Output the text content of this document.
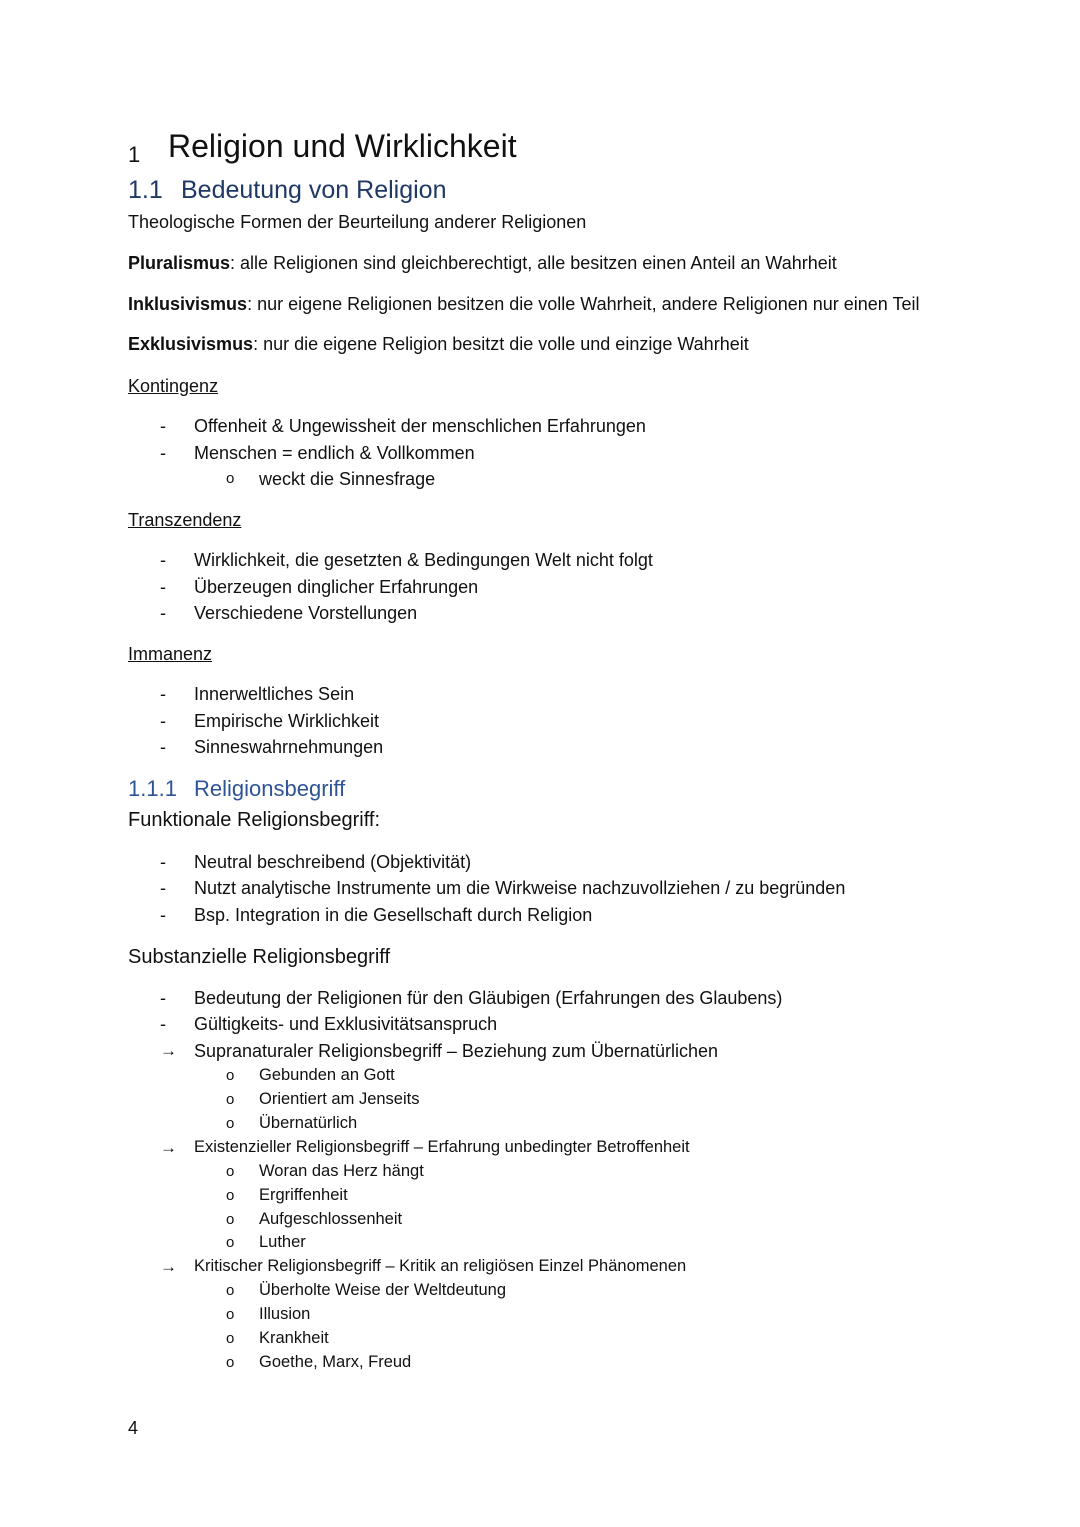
1 Religion und Wirklichkeit
1.1 Bedeutung von Religion
Theologische Formen der Beurteilung anderer Religionen
Pluralismus: alle Religionen sind gleichberechtigt, alle besitzen einen Anteil an Wahrheit
Inklusivismus: nur eigene Religionen besitzen die volle Wahrheit, andere Religionen nur einen Teil
Exklusivismus: nur die eigene Religion besitzt die volle und einzige Wahrheit
Kontingenz
- Offenheit & Ungewissheit der menschlichen Erfahrungen
- Menschen = endlich & Vollkommen
o weckt die Sinnesfrage
Transzendenz
- Wirklichkeit, die gesetzten & Bedingungen Welt nicht folgt
- Überzeugen dinglicher Erfahrungen
- Verschiedene Vorstellungen
Immanenz
- Innerweltliches Sein
- Empirische Wirklichkeit
- Sinneswahrnehmungen
1.1.1 Religionsbegriff
Funktionale Religionsbegriff:
- Neutral beschreibend (Objektivität)
- Nutzt analytische Instrumente um die Wirkweise nachzuvollziehen / zu begründen
- Bsp. Integration in die Gesellschaft durch Religion
Substanzielle Religionsbegriff
- Bedeutung der Religionen für den Gläubigen (Erfahrungen des Glaubens)
- Gültigkeits- und Exklusivitätsanspruch
→ Supranaturaler Religionsbegriff – Beziehung zum Übernatürlichen
o Gebunden an Gott
o Orientiert am Jenseits
o Übernatürlich
→ Existenzieller Religionsbegriff – Erfahrung unbedingter Betroffenheit
o Woran das Herz hängt
o Ergriffenheit
o Aufgeschlossenheit
o Luther
→ Kritischer Religionsbegriff – Kritik an religiösen Einzel Phänomenen
o Überholte Weise der Weltdeutung
o Illusion
o Krankheit
o Goethe, Marx, Freud
4
